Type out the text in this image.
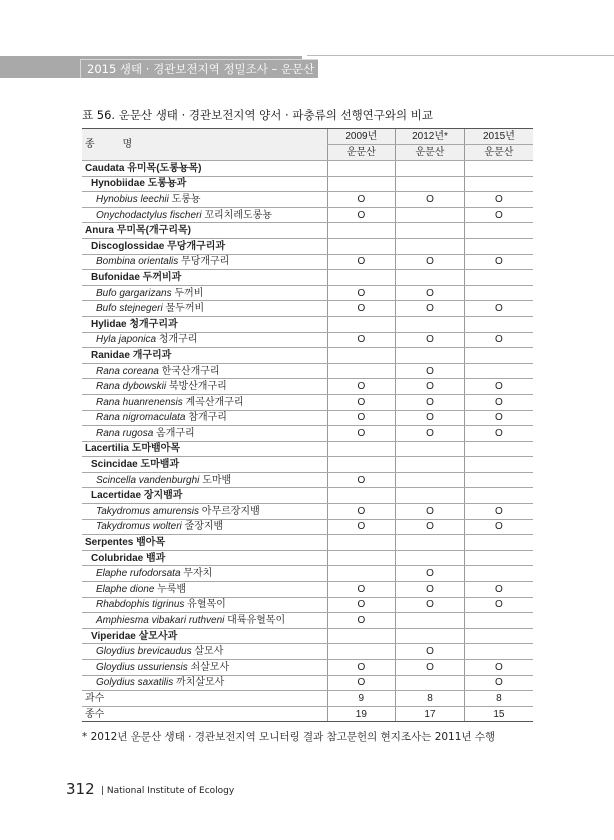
2015 생태 · 경관보전지역 정밀조사 – 운문산
표 56. 운문산 생태 · 경관보전지역 양서 · 파충류의 선행연구와의 비교
종          명	2009년	2012년*	2015년
	운문산	운문산	운문산
Caudata 유미목(도롱뇽목)			
Hynobiidae 도롱뇽과			
Hynobius leechii 도롱뇽	O	O	O
Onychodactylus fischeri 꼬리치레도롱뇽	O		O
Anura 무미목(개구리목)			
Discoglossidae 무당개구리과			
Bombina orientalis 무당개구리	O	O	O
Bufonidae 두꺼비과			
Bufo gargarizans 두꺼비	O	O	
Bufo stejnegeri 물두꺼비	O	O	O
Hylidae 청개구리과			
Hyla japonica 청개구리	O	O	O
Ranidae 개구리과			
Rana coreana 한국산개구리		O	
Rana dybowskii 북방산개구리	O	O	O
Rana huanrenensis 계곡산개구리	O	O	O
Rana nigromaculata 참개구리	O	O	O
Rana rugosa 옴개구리	O	O	O
Lacertilia 도마뱀아목			
Scincidae 도마뱀과			
Scincella vandenburghi 도마뱀	O		
Lacertidae 장지뱀과			
Takydromus amurensis 아무르장지뱀	O	O	O
Takydromus wolteri 줄장지뱀	O	O	O
Serpentes 뱀아목			
Colubridae 뱀과			
Elaphe rufodorsata 무자치		O	
Elaphe dione 누룩뱀	O	O	O
Rhabdophis tigrinus 유혈목이	O	O	O
Amphiesma vibakari ruthveni 대륙유혈목이	O		
Viperidae 살모사과			
Gloydius brevicaudus 살모사		O	
Gloydius ussuriensis 쇠살모사	O	O	O
Golydius saxatilis 까치살모사	O		O
과수	9	8	8
종수	19	17	15
* 2012년 운문산 생태 · 경관보전지역 모니터링 결과 참고문헌의 현지조사는 2011년 수행
312 | National Institute of Ecology
